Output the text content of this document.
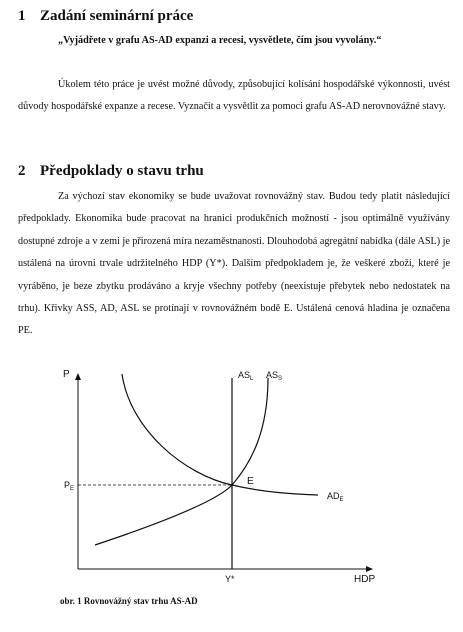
1 Zadání seminární práce

„Vyjádřete v grafu AS-AD expanzi a recesi, vysvětlete, čím jsou vyvolány.“

Úkolem této práce je uvést možné důvody, způsobující kolísání hospodářské výkonnosti, uvést důvody hospodářské expanze a recese. Vyznačit a vysvětlit za pomoci grafu AS-AD nerovnovážné stavy.

2 Předpoklady o stavu trhu

Za výchozí stav ekonomiky se bude uvažovat rovnovážný stav. Budou tedy platit následující předpoklady. Ekonomika bude pracovat na hranici produkčních možností - jsou optimálně využívány dostupné zdroje a v zemi je přirozená míra nezaměstnanosti. Dlouhodobá agregátní nabídka (dále ASL) je ustálená na úrovni trvale udržitelného HDP (Y*). Dalším předpokladem je, že veškeré zboží, které je vyráběno, je beze zbytku prodáváno a kryje všechny potřeby (neexistuje přebytek nebo nedostatek na trhu). Křivky ASS, AD, ASL se protínají v rovnovážném bodě E. Ustálená cenová hladina je označena PE.

P
$P_E$
$AS_L$ $AS_S$
$AD_E$
E
Y*	HDP

obr. 1 Rovnovážný stav trhu AS-AD
